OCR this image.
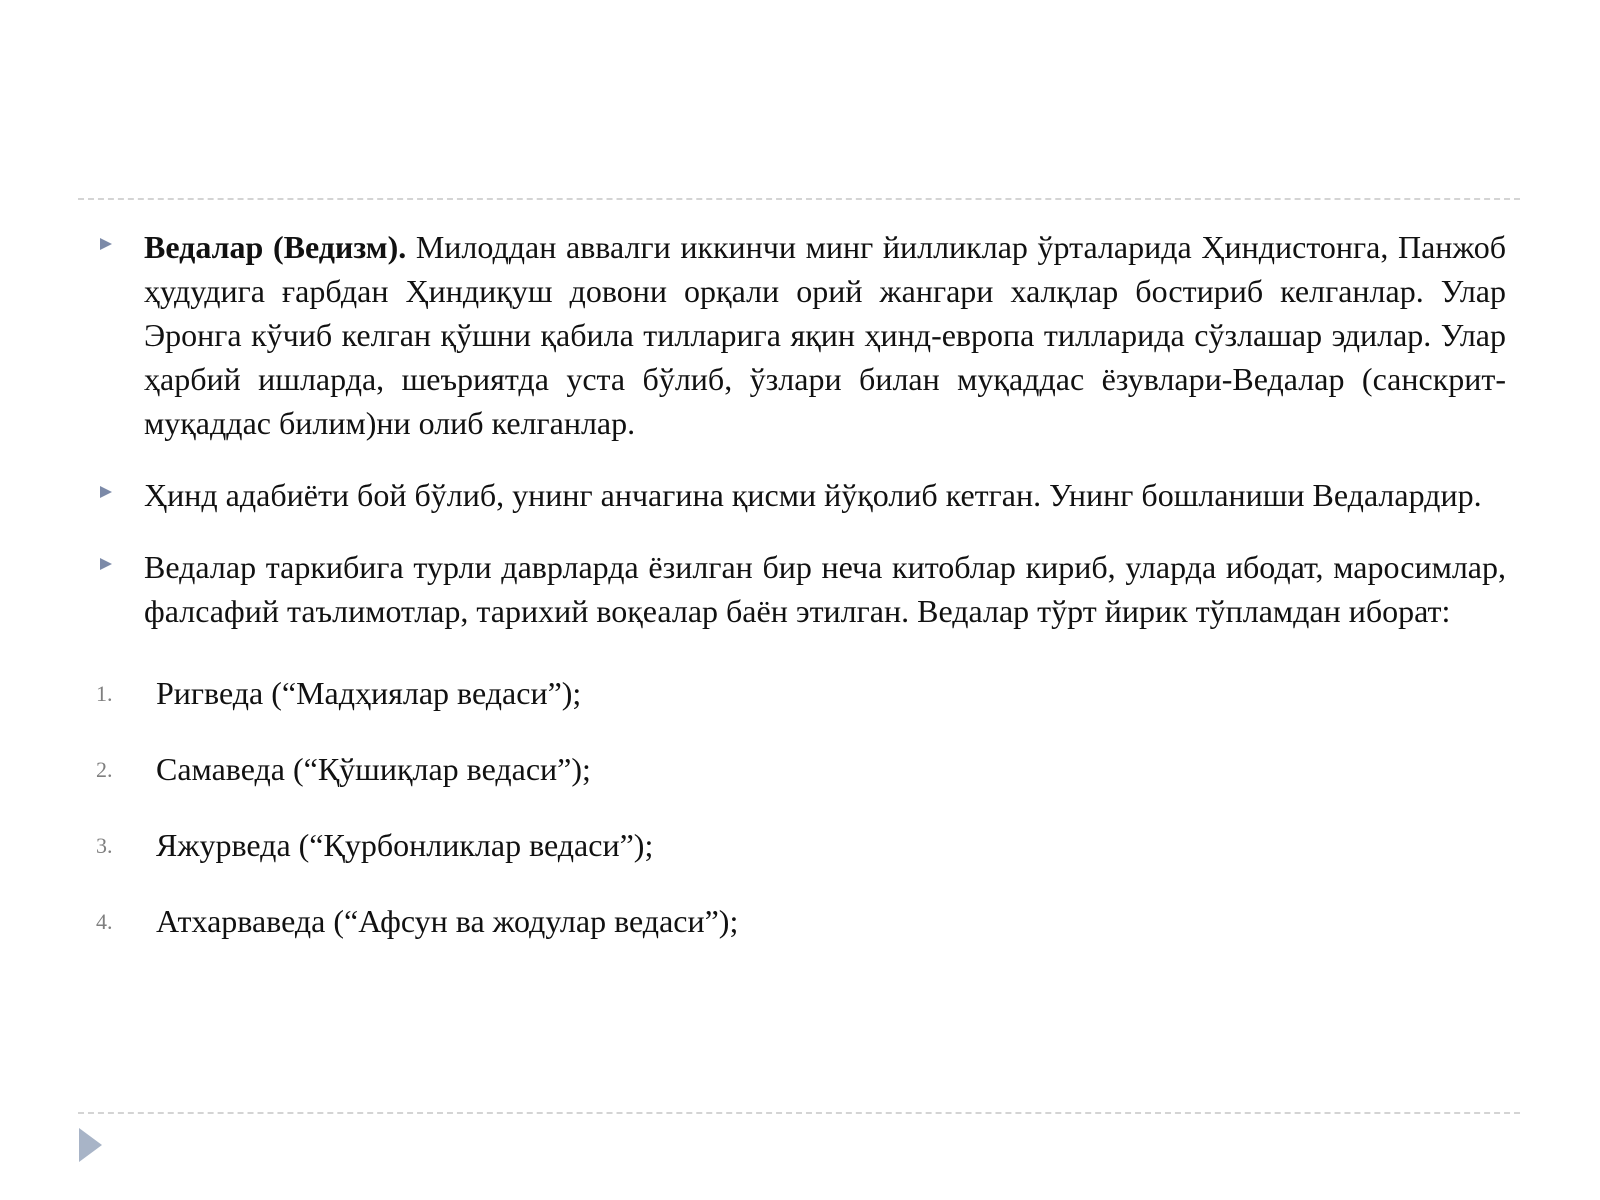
Ведалар (Ведизм). Милоддан аввалги иккинчи минг йилликлар ўрталарида Ҳиндистонга, Панжоб ҳудудига ғарбдан Ҳиндиқуш довони орқали орий жангари халқлар бостириб келганлар. Улар Эронга кўчиб келган қўшни қабила тилларига яқин ҳинд-европа тилларида сўзлашар эдилар. Улар ҳарбий ишларда, шеъриятда уста бўлиб, ўзлари билан муқаддас ёзувлари-Ведалар (санскрит-муқаддас билим)ни олиб келганлар.
Ҳинд адабиёти бой бўлиб, унинг анчагина қисми йўқолиб кетган. Унинг бошланиши Ведалардир.
Ведалар таркибига турли даврларда ёзилган бир неча китоблар кириб, уларда ибодат, маросимлар, фалсафий таълимотлар, тарихий воқеалар баён этилган. Ведалар тўрт йирик тўпламдан иборат:
1. Ригведа (“Мадҳиялар ведаси”);
2. Самаведа (“Қўшиқлар ведаси”);
3. Яжурведа (“Қурбонликлар ведаси”);
4. Атхарваведа (“Афсун ва жодулар ведаси”);
